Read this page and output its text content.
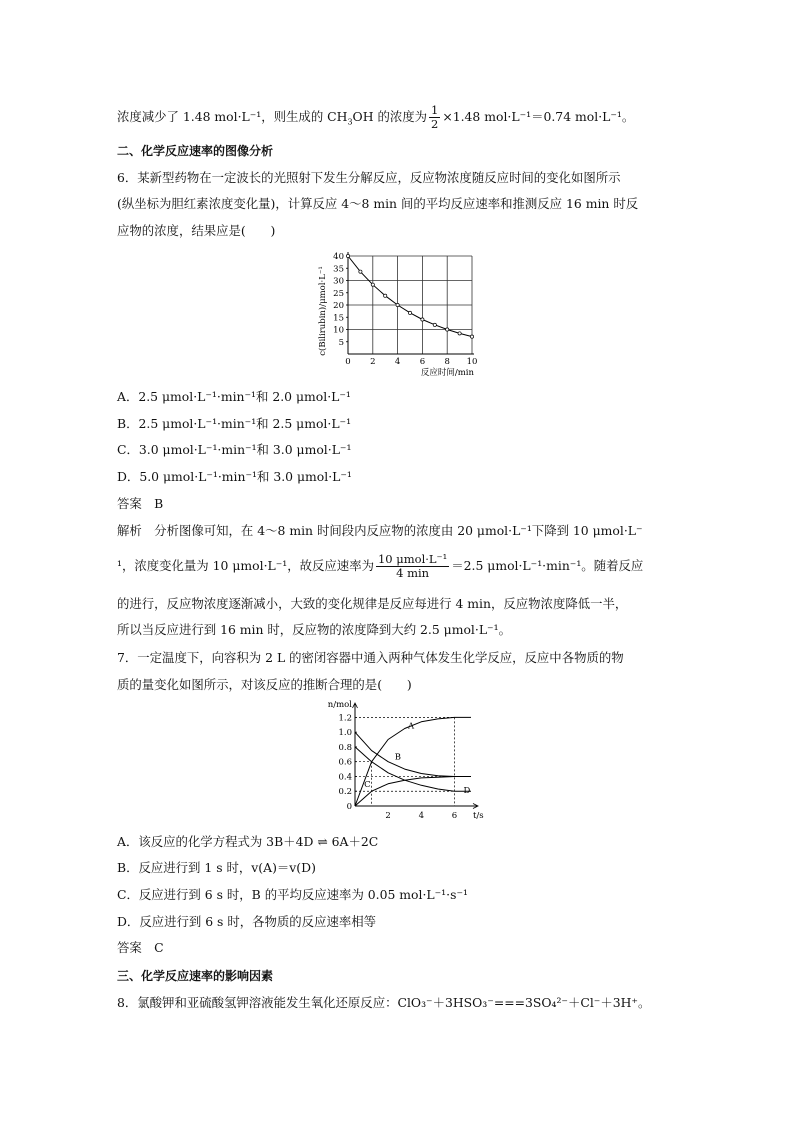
浓度减少了 1.48 mol·L⁻¹，则生成的 $CH_3OH$ 的浓度为 $\frac{1}{2} \times 1.48$ mol·L⁻¹＝0.74 mol·L⁻¹。
二、化学反应速率的图像分析
6．某新型药物在一定波长的光照射下发生分解反应，反应物浓度随反应时间的变化如图所示
(纵坐标为胆红素浓度变化量)，计算反应 4～8 min 间的平均反应速率和推测反应 16 min 时反
应物的浓度，结果应是(　　)
5
10
15
20
25
30
35
40
0 2 4 6 8 10
反应时间/min
c(Bilirubin)/μmol·L⁻¹
A．2.5 μmol·L⁻¹·min⁻¹和 2.0 μmol·L⁻¹
B．2.5 μmol·L⁻¹·min⁻¹和 2.5 μmol·L⁻¹
C．3.0 μmol·L⁻¹·min⁻¹和 3.0 μmol·L⁻¹
D．5.0 μmol·L⁻¹·min⁻¹和 3.0 μmol·L⁻¹
答案　B
解析　分析图像可知，在 4～8 min 时间段内反应物的浓度由 20 μmol·L⁻¹下降到 10 μmol·L⁻
¹，浓度变化量为 10 μmol·L⁻¹，故反应速率为 $\frac{\text{10 μmol·L⁻¹}}{4 \min} =2.5$ μmol·L⁻¹·min⁻¹。随着反应
的进行，反应物浓度逐渐减小，大致的变化规律是反应每进行 4 min，反应物浓度降低一半，
所以当反应进行到 16 min 时，反应物的浓度降到大约 2.5 μmol·L⁻¹。
7．一定温度下，向容积为 2 L 的密闭容器中通入两种气体发生化学反应，反应中各物质的物
质的量变化如图所示，对该反应的推断合理的是(　　)
n/mol
t/s
0
0.2
0.4
0.6
0.8
1.0
1.2
2	4	6
A
B
C
D
A．该反应的化学方程式为 3B＋4D ⇌ 6A＋2C
B．反应进行到 1 s 时，v(A)＝v(D)
C．反应进行到 6 s 时，B 的平均反应速率为 0.05 mol·L⁻¹·s⁻¹
D．反应进行到 6 s 时，各物质的反应速率相等
答案　C
三、化学反应速率的影响因素
8．氯酸钾和亚硫酸氢钾溶液能发生氧化还原反应：ClO₃⁻＋3HSO₃⁻===3SO₄²⁻＋Cl⁻＋3H⁺。
